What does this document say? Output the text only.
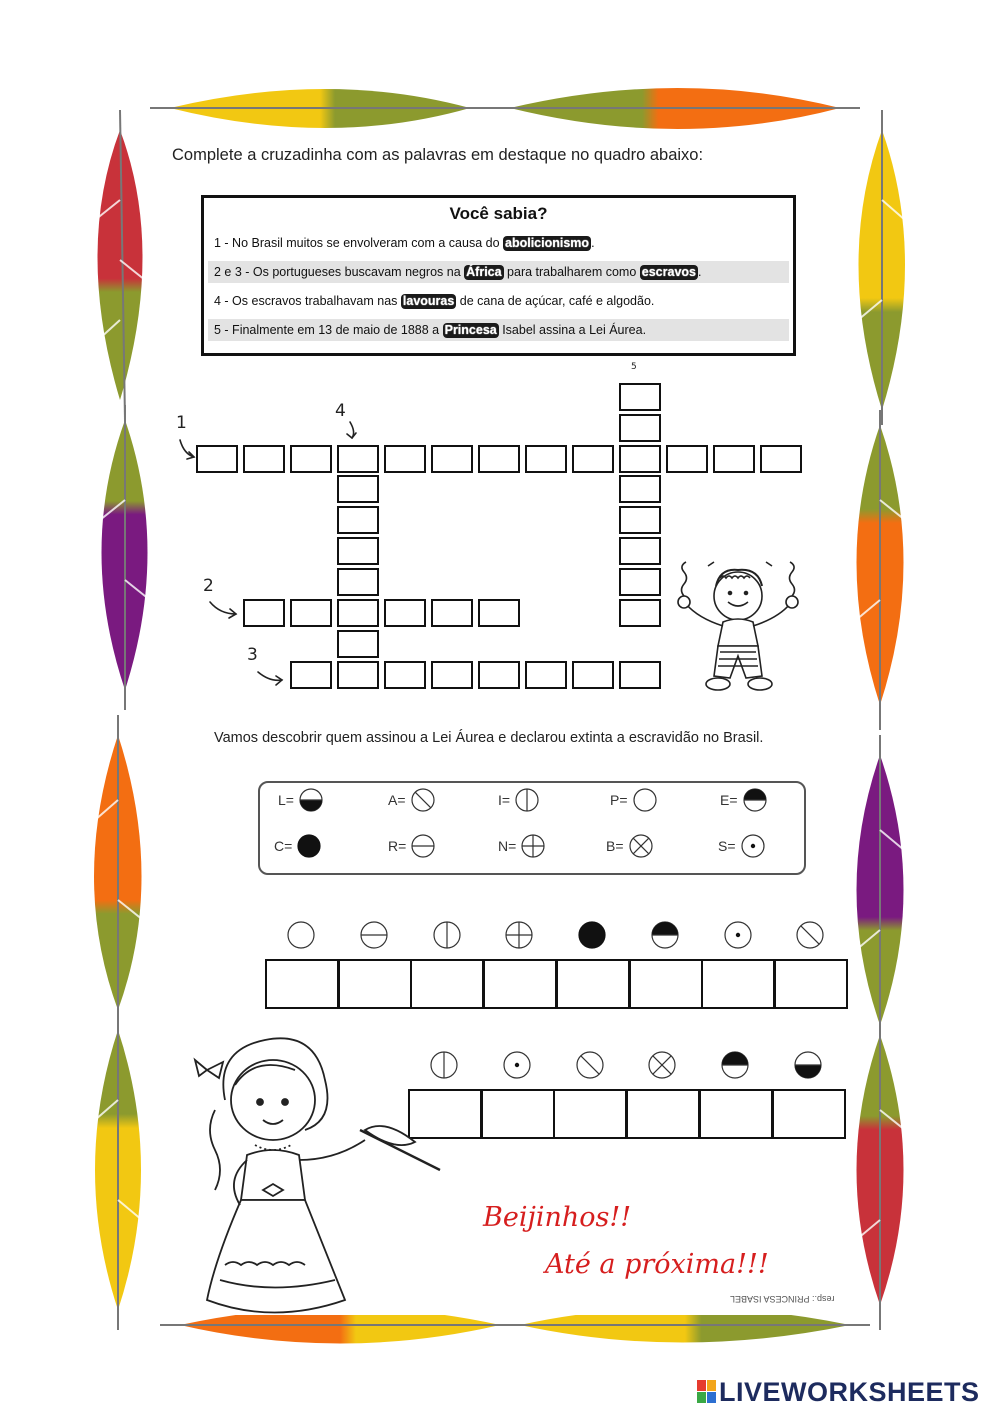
Complete a cruzadinha com as palavras em destaque no quadro abaixo:
Você sabia?
1 - No Brasil muitos se envolveram com a causa do abolicionismo .
2 e 3 - Os portugueses buscavam negros na África para trabalharem como escravos .
4 - Os escravos trabalhavam nas lavouras de cana de açúcar, café e algodão.
5 - Finalmente em 13 de maio de 1888 a Princesa Isabel assina a Lei Áurea.
1
4
2
3
5
Vamos descobrir quem assinou a Lei Áurea e declarou extinta a escravidão no Brasil.
L=	A=	I=	P=	E=
C=	R=	N=	B=	S=
Beijinhos!!
Até a próxima!!!
resp.: PRINCESA ISABEL
LIVEWORKSHEETS
